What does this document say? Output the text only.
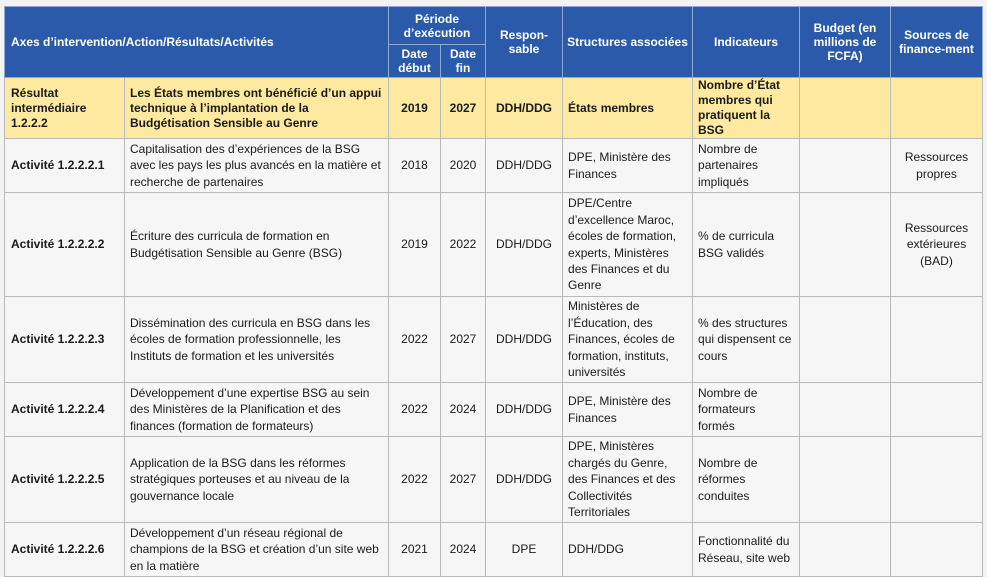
Axes d’intervention/Action/Résultats/Activités		Période d’exécution		Respon-sable	Structures associées	Indicateurs	Budget (en millions de FCFA)	Sources de finance-ment
		Date début	Date fin					
Résultat intermédiaire 1.2.2.2	Les États membres ont bénéficié d’un appui technique à l’implantation de la Budgétisation Sensible au Genre	2019	2027	DDH/DDG	États membres	Nombre d’État membres qui pratiquent la BSG		
Activité 1.2.2.2.1	Capitalisation des d’expériences de la BSG avec les pays les plus avancés en la matière et recherche de partenaires	2018	2020	DDH/DDG	DPE, Ministère des Finances	Nombre de partenaires impliqués		Ressources propres
Activité 1.2.2.2.2	Écriture des curricula de formation en Budgétisation Sensible au Genre (BSG)	2019	2022	DDH/DDG	DPE/Centre d’excellence Maroc, écoles de formation, experts, Ministères des Finances et du Genre	% de curricula BSG validés		Ressources extérieures (BAD)
Activité 1.2.2.2.3	Dissémination des curricula en BSG dans les écoles de formation professionnelle, les Instituts de formation et les universités	2022	2027	DDH/DDG	Ministères de l’Éducation, des Finances, écoles de formation, instituts, universités	% des structures qui dispensent ce cours		
Activité 1.2.2.2.4	Développement d’une expertise BSG au sein des Ministères de la Planification et des finances (formation de formateurs)	2022	2024	DDH/DDG	DPE, Ministère des Finances	Nombre de formateurs formés		
Activité 1.2.2.2.5	Application de la BSG dans les réformes stratégiques porteuses et au niveau de la gouvernance locale	2022	2027	DDH/DDG	DPE, Ministères chargés du Genre, des Finances et des Collectivités Territoriales	Nombre de réformes conduites		
Activité 1.2.2.2.6	Développement d’un réseau régional de champions de la BSG et création d’un site web en la matière	2021	2024	DPE	DDH/DDG	Fonctionnalité du Réseau, site web		
